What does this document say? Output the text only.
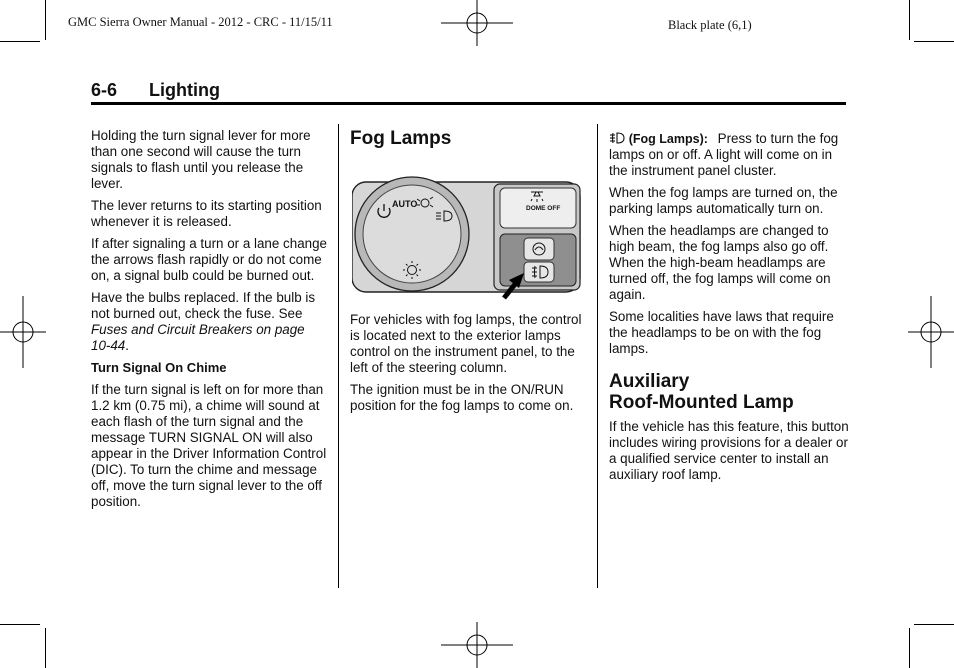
GMC Sierra Owner Manual - 2012 - CRC - 11/15/11	Black plate (6,1)
6-6 Lighting

Holding the turn signal lever for more than one second will cause the turn signals to flash until you release the lever.

The lever returns to its starting position whenever it is released.

If after signaling a turn or a lane change the arrows flash rapidly or do not come on, a signal bulb could be burned out.

Have the bulbs replaced. If the bulb is not burned out, check the fuse. See Fuses and Circuit Breakers on page 10-44.

Turn Signal On Chime

If the turn signal is left on for more than 1.2 km (0.75 mi), a chime will sound at each flash of the turn signal and the message TURN SIGNAL ON will also appear in the Driver Information Control (DIC). To turn the chime and message off, move the turn signal lever to the off position.

Fog Lamps
AUTO	DOME OFF

For vehicles with fog lamps, the control is located next to the exterior lamps control on the instrument panel, to the left of the steering column.

The ignition must be in the ON/RUN position for the fog lamps to come on.

(Fog Lamps): Press to turn the fog lamps on or off. A light will come on in the instrument panel cluster.

When the fog lamps are turned on, the parking lamps automatically turn on.

When the headlamps are changed to high beam, the fog lamps also go off. When the high-beam headlamps are turned off, the fog lamps will come on again.

Some localities have laws that require the headlamps to be on with the fog lamps.

Auxiliary
Roof-Mounted Lamp

If the vehicle has this feature, this button includes wiring provisions for a dealer or a qualified service center to install an auxiliary roof lamp.
